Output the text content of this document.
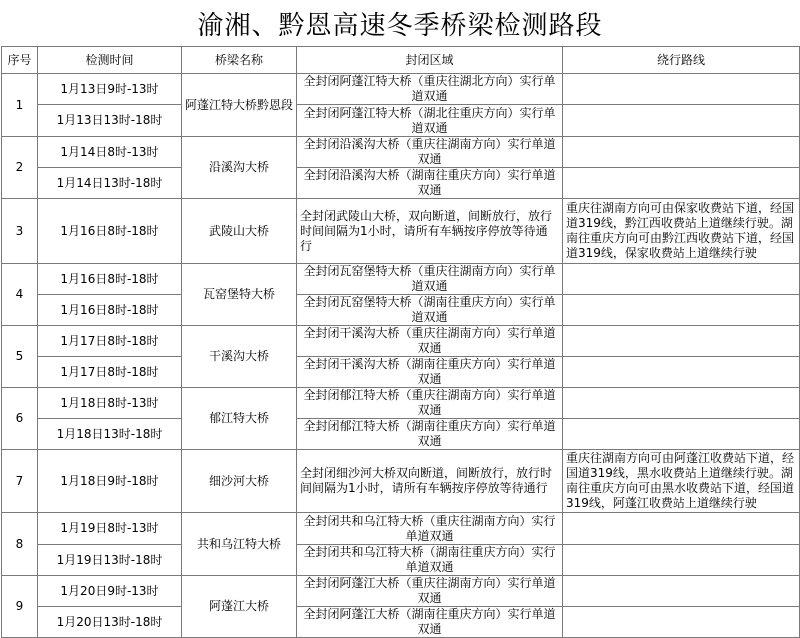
渝湘、黔恩高速冬季桥梁检测路段
序号	检测时间	桥梁名称	封闭区域	绕行路线
1	1月13日9时-13时	阿蓬江特大桥黔恩段	全封闭阿蓬江特大桥（重庆往湖北方向）实行单道双通	
	1月13日13时-18时		全封闭阿蓬江特大桥（湖北往重庆方向）实行单道双通	
2	1月14日8时-13时	沿溪沟大桥	全封闭沿溪沟大桥（重庆往湖南方向）实行单道双通	
	1月14日13时-18时		全封闭沿溪沟大桥（湖南往重庆方向）实行单道双通	
3	1月16日8时-18时	武陵山大桥	全封闭武陵山大桥，双向断道，间断放行，放行时间间隔为1小时，请所有车辆按序停放等待通行	重庆往湖南方向可由保家收费站下道，经国道319线，黔江西收费站上道继续行驶。湖南往重庆方向可由黔江西收费站下道，经国道319线，保家收费站上道继续行驶
4	1月16日8时-18时	瓦窑堡特大桥	全封闭瓦窑堡特大桥（重庆往湖南方向）实行单道双通	
	1月16日8时-18时		全封闭瓦窑堡特大桥（湖南往重庆方向）实行单道双通	
5	1月17日8时-18时	干溪沟大桥	全封闭干溪沟大桥（重庆往湖南方向）实行单道双通	
	1月17日8时-18时		全封闭干溪沟大桥（湖南往重庆方向）实行单道双通	
6	1月18日8时-13时	郁江特大桥	全封闭郁江特大桥（重庆往湖南方向）实行单道双通	
	1月18日13时-18时		全封闭郁江特大桥（湖南往重庆方向）实行单道双通	
7	1月18日9时-18时	细沙河大桥	全封闭细沙河大桥双向断道，间断放行，放行时间间隔为1小时，请所有车辆按序停放等待通行	重庆往湖南方向可由阿蓬江收费站下道，经国道319线，黑水收费站上道继续行驶。湖南往重庆方向可由黑水收费站下道，经国道319线，阿蓬江收费站上道继续行驶
8	1月19日8时-13时	共和乌江特大桥	全封闭共和乌江特大桥（重庆往湖南方向）实行单道双通	
	1月19日13时-18时		全封闭共和乌江特大桥（湖南往重庆方向）实行单道双通	
9	1月20日9时-13时	阿蓬江大桥	全封闭阿蓬江大桥（重庆往湖南方向）实行单道双通	
	1月20日13时-18时		全封闭阿蓬江大桥（湖南往重庆方向）实行单道双通	
